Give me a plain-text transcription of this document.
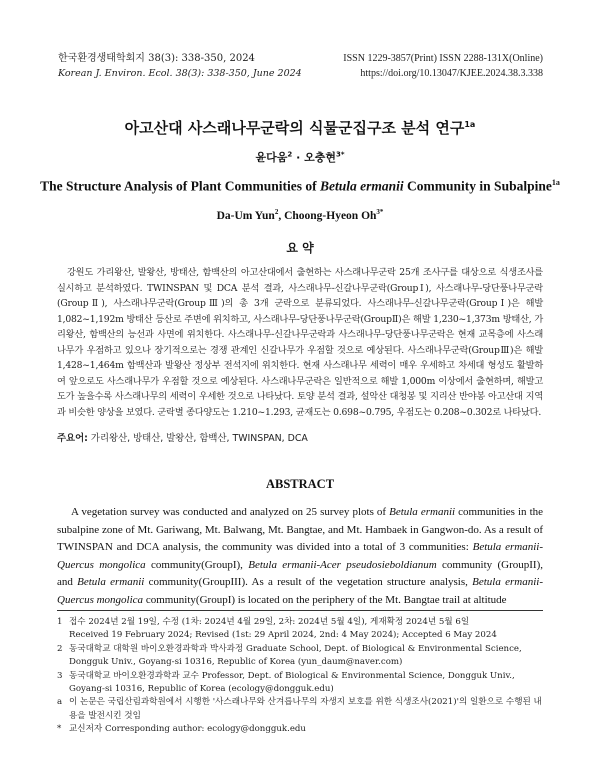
한국환경생태학회지 38(3): 338-350, 2024
Korean J. Environ. Ecol. 38(3): 338-350, June 2024
ISSN 1229-3857(Print) ISSN 2288-131X(Online)
https://doi.org/10.13047/KJEE.2024.38.3.338
아고산대 사스래나무군락의 식물군집구조 분석 연구$^{1a}$
윤다움$^2$ · 오충현$^{3*}$
The Structure Analysis of Plant Communities of Betula ermanii Community in Subalpine$^{1a}$
Da-Um Yun$^2$, Choong-Hyeon $Oh^{3*}$
요 약
강원도 가리왕산, 발왕산, 방태산, 함백산의 아고산대에서 출현하는 사스래나무군락 25개 조사구를 대상으로 식생조사를 실시하고 분석하였다. TWINSPAN 및 DCA 분석 결과, 사스래나무-신갈나무군락(GroupⅠ), 사스래나무-당단풍나무군락(GroupⅡ), 사스래나무군락(GroupⅢ)의 총 3개 군락으로 분류되었다. 사스래나무-신갈나무군락(GroupⅠ)은 해발 1,082~1,192m 방태산 등산로 주변에 위치하고, 사스래나무-당단풍나무군락(GroupⅡ)은 해발 1,230~1,373m 방태산, 가리왕산, 함백산의 능선과 사면에 위치한다. 사스래나무-신갈나무군락과 사스래나무-당단풍나무군락은 현재 교목층에 사스래나무가 우점하고 있으나 장기적으로는 경쟁 관계인 신갈나무가 우점할 것으로 예상된다. 사스래나무군락(GroupⅢ)은 해발 1,428~1,464m 함백산과 발왕산 정상부 전석지에 위치한다. 현재 사스래나무 세력이 매우 우세하고 차세대 형성도 활발하여 앞으로도 사스래나무가 우점할 것으로 예상된다. 사스래나무군락은 일반적으로 해발 1,000m 이상에서 출현하며, 해발고도가 높을수록 사스래나무의 세력이 우세한 것으로 나타났다. 토양 분석 결과, 설악산 대청봉 및 지리산 반야봉 아고산대 지역과 비슷한 양상을 보였다. 군락별 종다양도는 1.210~1.293, 균재도는 0.698~0.795, 우점도는 0.208~0.302로 나타났다.
주요어: 가리왕산, 방태산, 발왕산, 함백산, TWINSPAN, DCA
ABSTRACT
A vegetation survey was conducted and analyzed on 25 survey plots of Betula ermanii communities in the subalpine zone of Mt. Gariwang, Mt. Balwang, Mt. Bangtae, and Mt. Hambaek in Gangwon-do. As a result of TWINSPAN and DCA analysis, the community was divided into a total of 3 communities: Betula ermanii-Quercus mongolica community(GroupI), Betula ermanii-Acer pseudosieboldianum community (GroupII), and Betula ermanii community(GroupIII). As a result of the vegetation structure analysis, Betula ermanii-Quercus mongolica community(GroupI) is located on the periphery of the Mt. Bangtae trail at altitude
1 접수 2024년 2월 19일, 수정 (1차: 2024년 4월 29일, 2차: 2024년 5월 4일), 게재확정 2024년 5월 6일
Received 19 February 2024; Revised (1st: 29 April 2024, 2nd: 4 May 2024); Accepted 6 May 2024
2 동국대학교 대학원 바이오환경과학과 박사과정 Graduate School, Dept. of Biological & Environmental Science, Dongguk Univ., Goyang-si 10316, Republic of Korea (yun_daum@naver.com)
3 동국대학교 바이오환경과학과 교수 Professor, Dept. of Biological & Environmental Science, Dongguk Univ., Goyang-si 10316, Republic of Korea (ecology@dongguk.edu)
a 이 논문은 국립산림과학원에서 시행한 '사스래나무와 산겨릅나무의 자생지 보호를 위한 식생조사(2021)'의 일환으로 수행된 내용을 발전시킨 것임
* 교신저자 Corresponding author: ecology@dongguk.edu
